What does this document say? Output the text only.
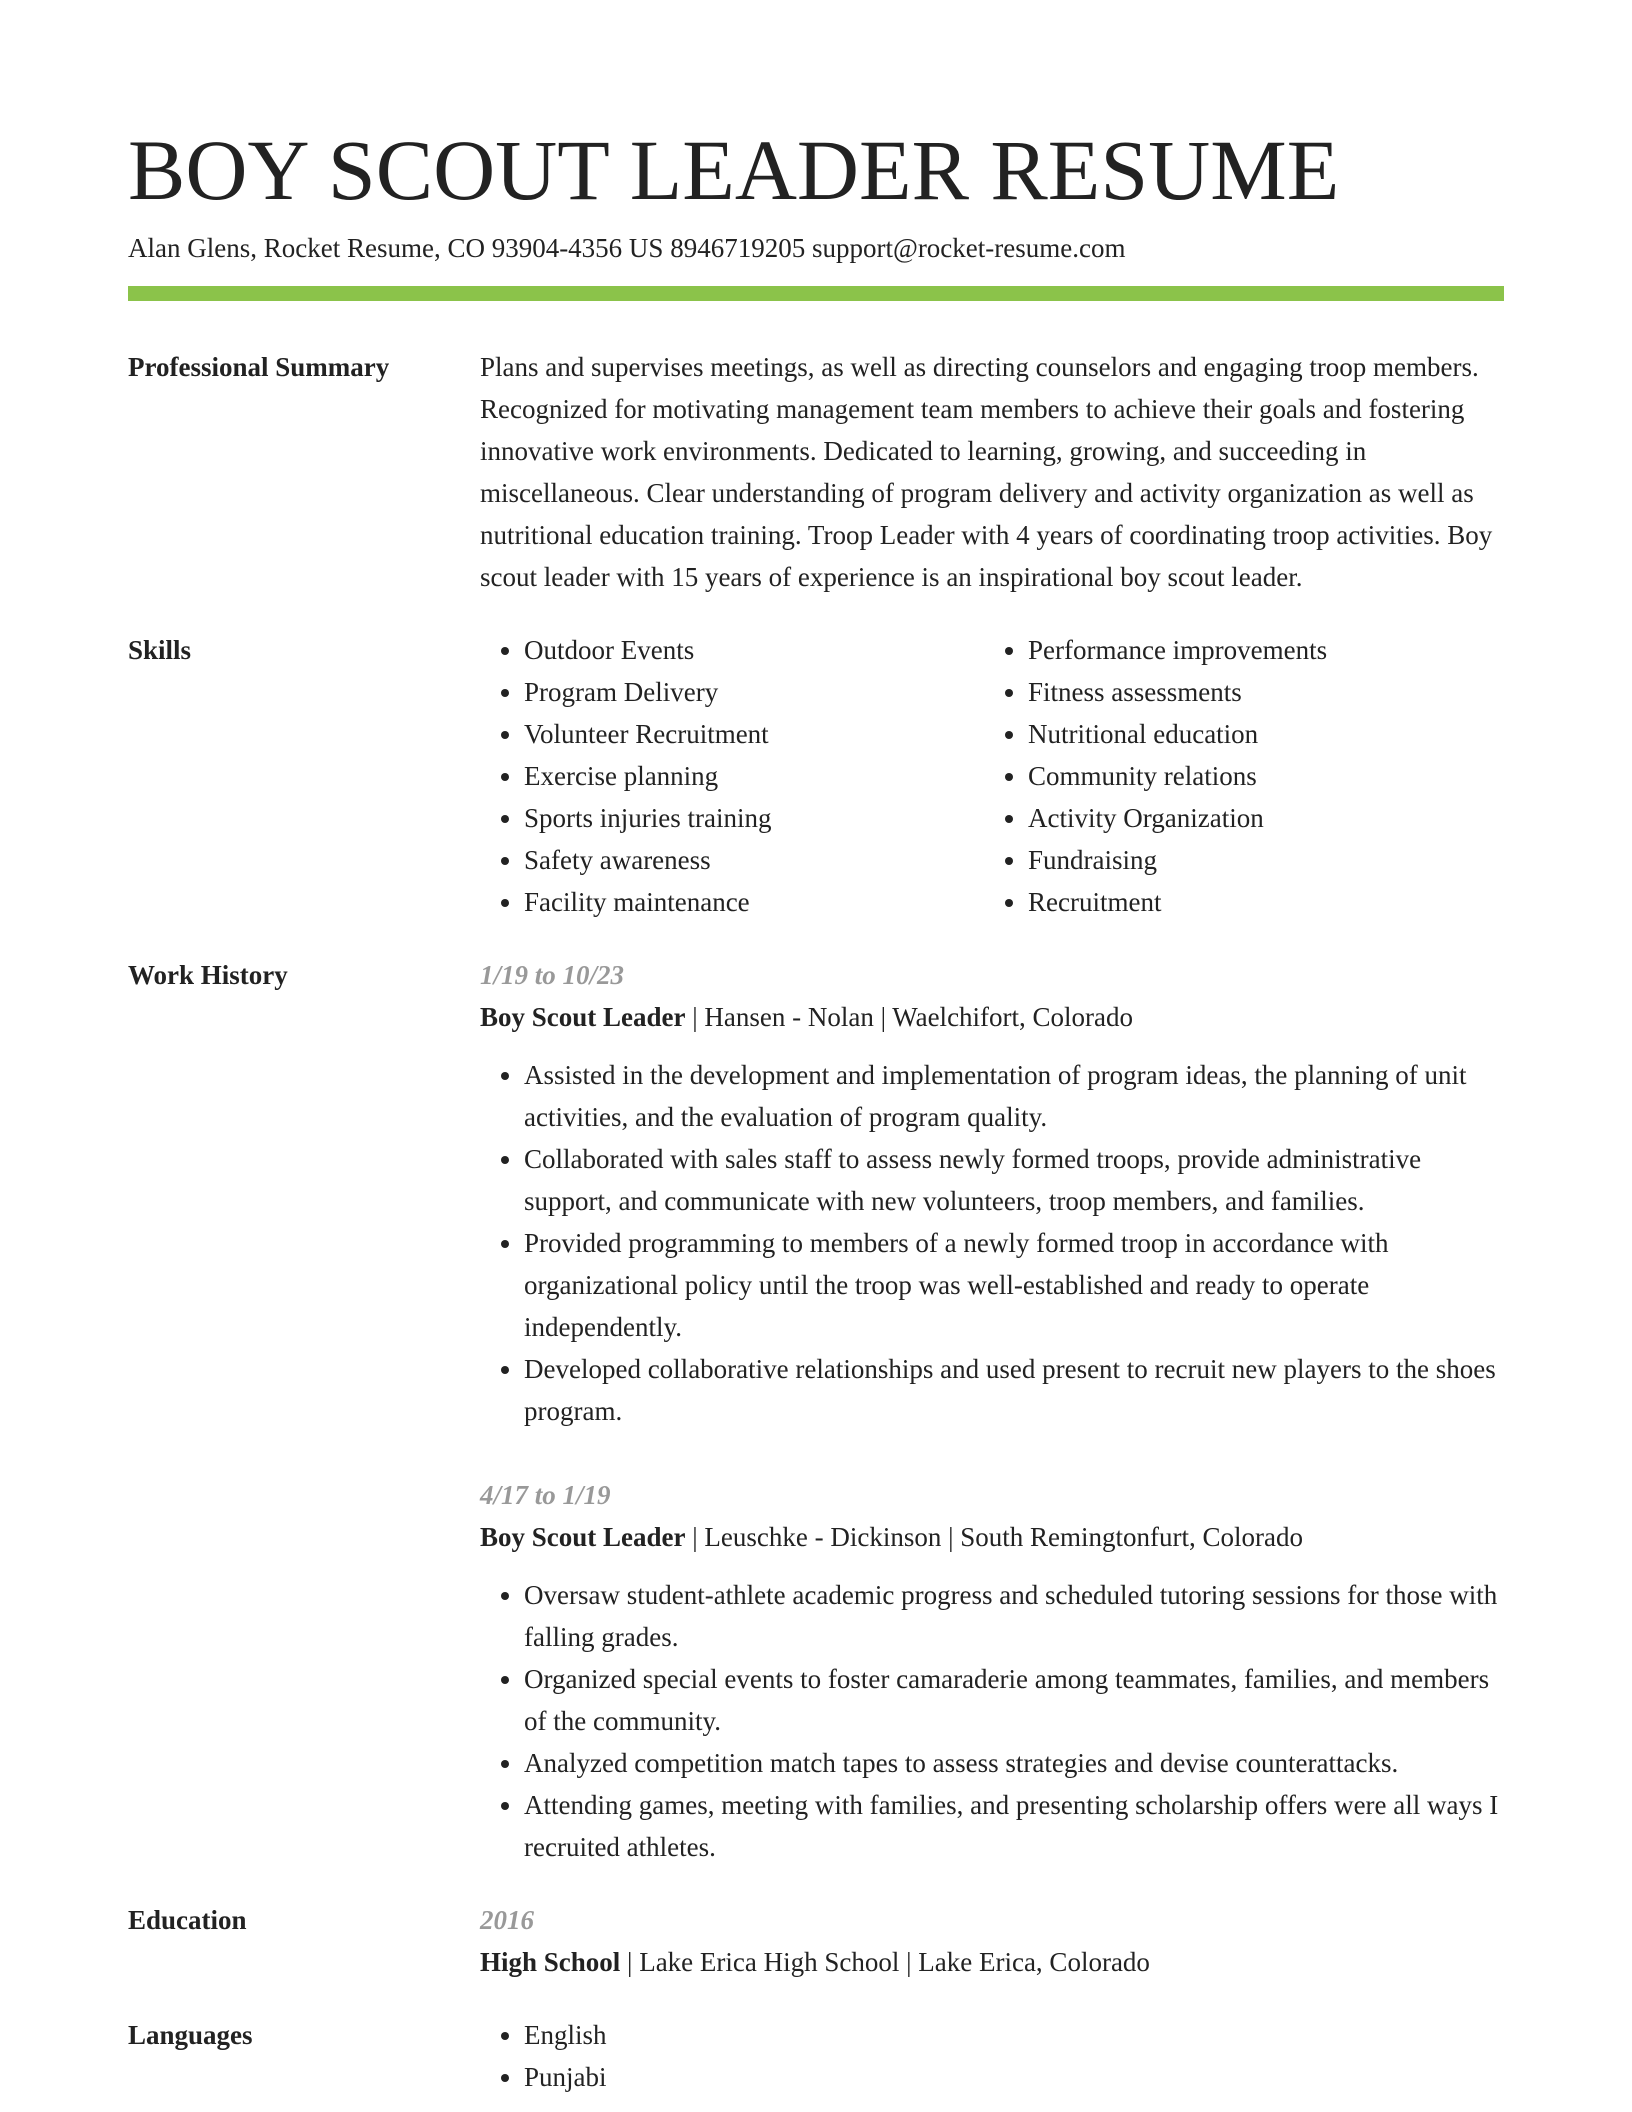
BOY SCOUT LEADER RESUME
Alan Glens, Rocket Resume, CO 93904-4356 US 8946719205 support@rocket-resume.com
Professional Summary	Plans and supervises meetings, as well as directing counselors and engaging troop members. Recognized for motivating management team members to achieve their goals and fostering innovative work environments. Dedicated to learning, growing, and succeeding in miscellaneous. Clear understanding of program delivery and activity organization as well as nutritional education training. Troop Leader with 4 years of coordinating troop activities. Boy scout leader with 15 years of experience is an inspirational boy scout leader.

Skills	• Outdoor Events
• Program Delivery
• Volunteer Recruitment
• Exercise planning
• Sports injuries training
• Safety awareness
• Facility maintenance
• Performance improvements
• Fitness assessments
• Nutritional education
• Community relations
• Activity Organization
• Fundraising
• Recruitment
Work History	1/19 to 10/23
Boy Scout Leader | Hansen - Nolan | Waelchifort, Colorado
• Assisted in the development and implementation of program ideas, the planning of unit activities, and the evaluation of program quality.
• Collaborated with sales staff to assess newly formed troops, provide administrative support, and communicate with new volunteers, troop members, and families.
• Provided programming to members of a newly formed troop in accordance with organizational policy until the troop was well-established and ready to operate independently.
• Developed collaborative relationships and used present to recruit new players to the shoes program.
4/17 to 1/19
Boy Scout Leader | Leuschke - Dickinson | South Remingtonfurt, Colorado
• Oversaw student-athlete academic progress and scheduled tutoring sessions for those with falling grades.
• Organized special events to foster camaraderie among teammates, families, and members of the community.
• Analyzed competition match tapes to assess strategies and devise counterattacks.
• Attending games, meeting with families, and presenting scholarship offers were all ways I recruited athletes.
Education	2016
High School | Lake Erica High School | Lake Erica, Colorado
Languages	• English
• Punjabi
